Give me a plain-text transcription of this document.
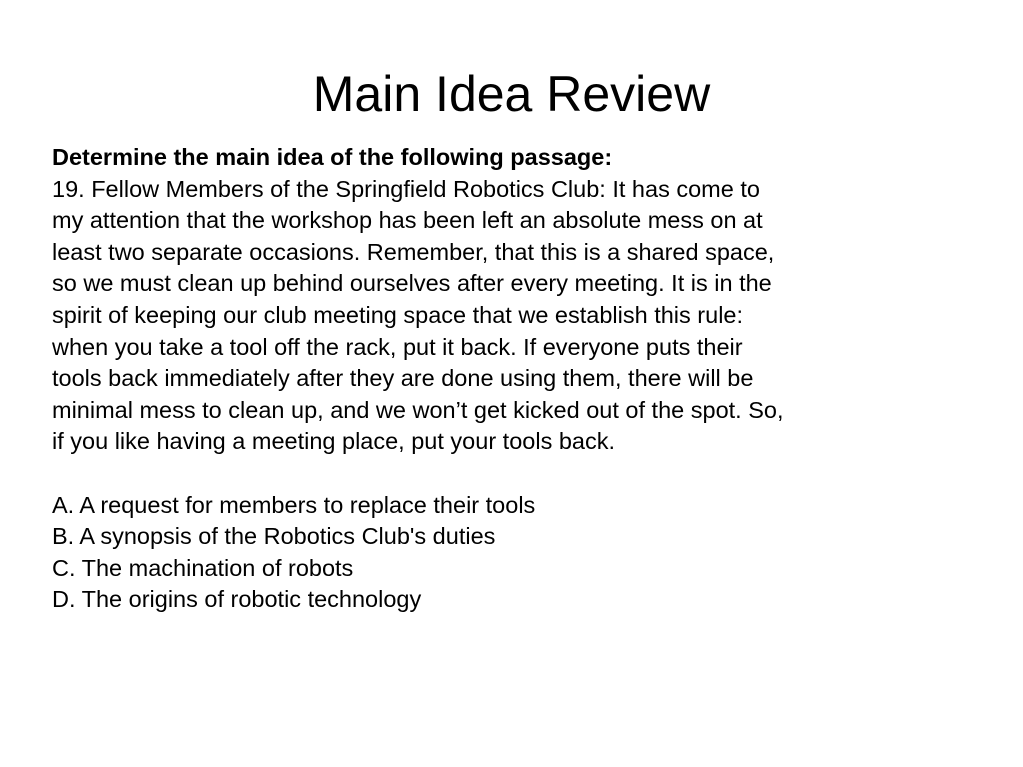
Main Idea Review
Determine the main idea of the following passage:
19. Fellow Members of the Springfield Robotics Club: It has come to
my attention that the workshop has been left an absolute mess on at
least two separate occasions. Remember, that this is a shared space,
so we must clean up behind ourselves after every meeting. It is in the
spirit of keeping our club meeting space that we establish this rule:
when you take a tool off the rack, put it back. If everyone puts their
tools back immediately after they are done using them, there will be
minimal mess to clean up, and we won’t get kicked out of the spot. So,
if you like having a meeting place, put your tools back.
A. A request for members to replace their tools
B. A synopsis of the Robotics Club's duties
C. The machination of robots
D. The origins of robotic technology
